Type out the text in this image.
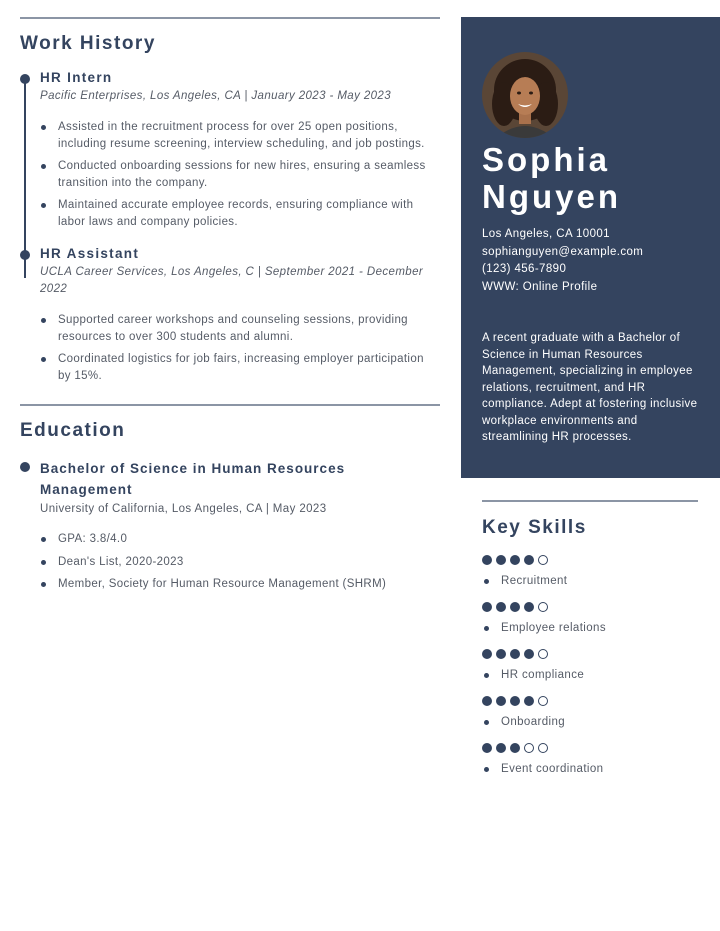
Work History
HR Intern
Pacific Enterprises, Los Angeles, CA | January 2023 - May 2023
Assisted in the recruitment process for over 25 open positions, including resume screening, interview scheduling, and job postings.
Conducted onboarding sessions for new hires, ensuring a seamless transition into the company.
Maintained accurate employee records, ensuring compliance with labor laws and company policies.
HR Assistant
UCLA Career Services, Los Angeles, C | September 2021 - December 2022
Supported career workshops and counseling sessions, providing resources to over 300 students and alumni.
Coordinated logistics for job fairs, increasing employer participation by 15%.
Education
Bachelor of Science in Human Resources Management
University of California, Los Angeles, CA | May 2023
GPA: 3.8/4.0
Dean's List, 2020-2023
Member, Society for Human Resource Management (SHRM)
Sophia
Nguyen
Los Angeles, CA 10001
sophianguyen@example.com
(123) 456-7890
WWW: Online Profile

A recent graduate with a Bachelor of Science in Human Resources Management, specializing in employee relations, recruitment, and HR compliance. Adept at fostering inclusive workplace environments and streamlining HR processes.

Key Skills
Recruitment
Employee relations
HR compliance
Onboarding
Event coordination
